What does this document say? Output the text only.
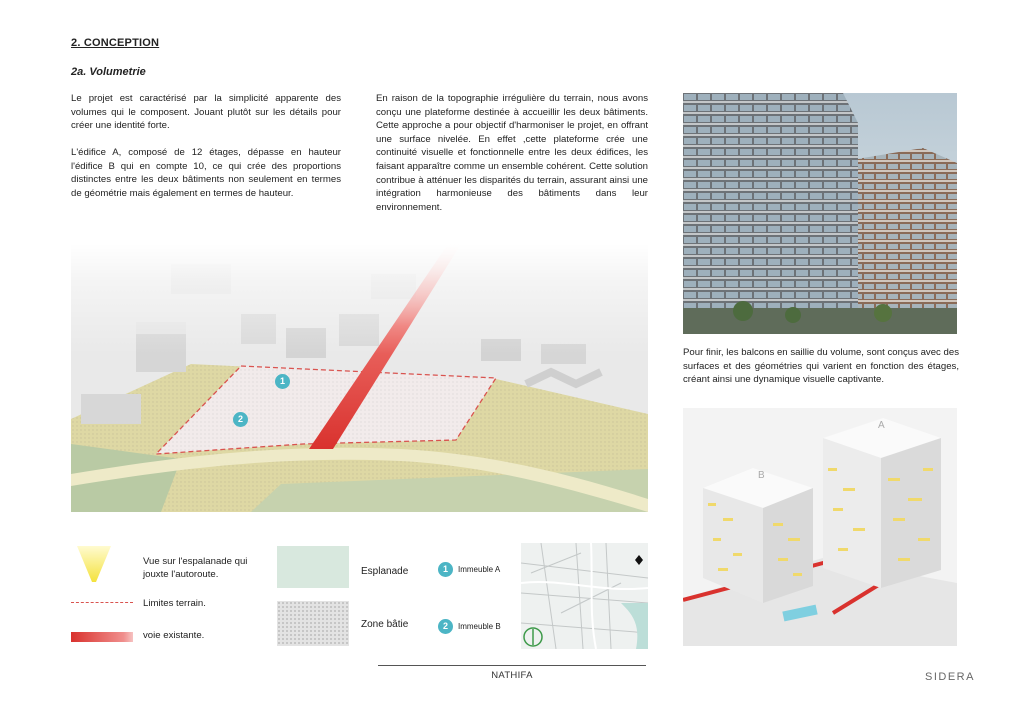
2. CONCEPTION
2a. Volumetrie

Le projet est caractérisé par la simplicité apparente des volumes qui le composent. Jouant plutôt sur les détails pour créer une identité forte.

L'édifice A, composé de 12 étages, dépasse en hauteur l'édifice B qui en compte 10, ce qui crée des proportions distinctes entre les deux bâtiments non seulement en termes de géométrie mais également en termes de hauteur.

En raison de la topographie irrégulière du terrain, nous avons conçu une plateforme destinée à accueillir les deux bâtiments. Cette approche a pour objectif d'harmoniser le projet, en offrant une surface nivelée. En effet ,cette plateforme crée une continuité visuelle et fonctionnelle entre les deux édifices, les faisant apparaître comme un ensemble cohérent. Cette solution contribue à atténuer les disparités du terrain, assurant ainsi une intégration harmonieuse des bâtiments dans leur environnement.

Pour finir, les balcons en saillie du volume, sont conçus avec des surfaces et des géométries qui varient en fonction des étages, créant ainsi une dynamique visuelle captivante.

1
2
B
A
Vue sur l'espalanade qui jouxte l'autoroute.
Limites terrain.
voie existante.
Esplanade
Zone bâtie
1	Immeuble A
2	Immeuble B
NATHIFA	SIDERA
